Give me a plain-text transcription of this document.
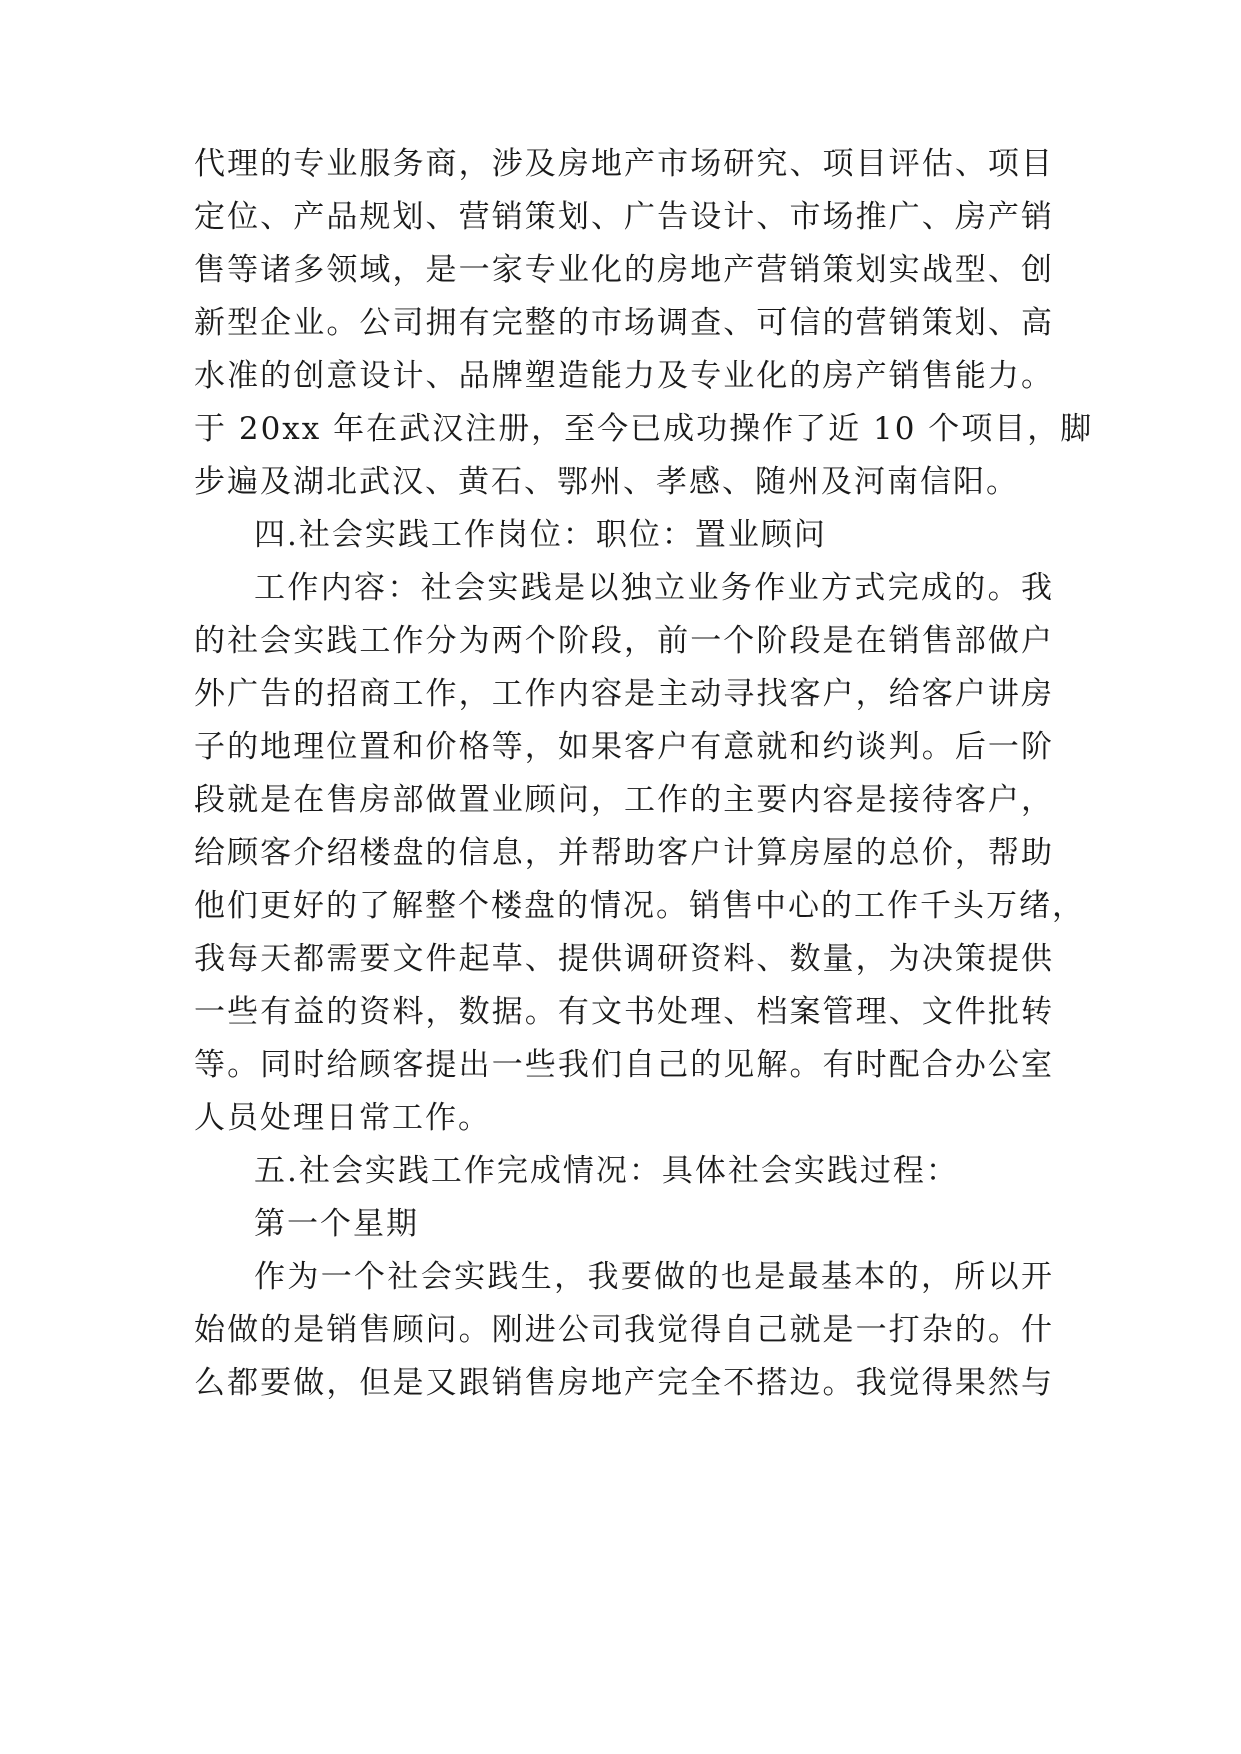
代理的专业服务商，涉及房地产市场研究、项目评估、项目
定位、产品规划、营销策划、广告设计、市场推广、房产销
售等诸多领域，是一家专业化的房地产营销策划实战型、创
新型企业。公司拥有完整的市场调查、可信的营销策划、高
水准的创意设计、品牌塑造能力及专业化的房产销售能力。
于 20xx 年在武汉注册，至今已成功操作了近 10 个项目，脚
步遍及湖北武汉、黄石、鄂州、孝感、随州及河南信阳。
四.社会实践工作岗位：职位：置业顾问
工作内容：社会实践是以独立业务作业方式完成的。我
的社会实践工作分为两个阶段，前一个阶段是在销售部做户
外广告的招商工作，工作内容是主动寻找客户，给客户讲房
子的地理位置和价格等，如果客户有意就和约谈判。后一阶
段就是在售房部做置业顾问，工作的主要内容是接待客户，
给顾客介绍楼盘的信息，并帮助客户计算房屋的总价，帮助
他们更好的了解整个楼盘的情况。销售中心的工作千头万绪，
我每天都需要文件起草、提供调研资料、数量，为决策提供
一些有益的资料，数据。有文书处理、档案管理、文件批转
等。同时给顾客提出一些我们自己的见解。有时配合办公室
人员处理日常工作。
五.社会实践工作完成情况：具体社会实践过程：
第一个星期
作为一个社会实践生，我要做的也是最基本的，所以开
始做的是销售顾问。刚进公司我觉得自己就是一打杂的。什
么都要做，但是又跟销售房地产完全不搭边。我觉得果然与
